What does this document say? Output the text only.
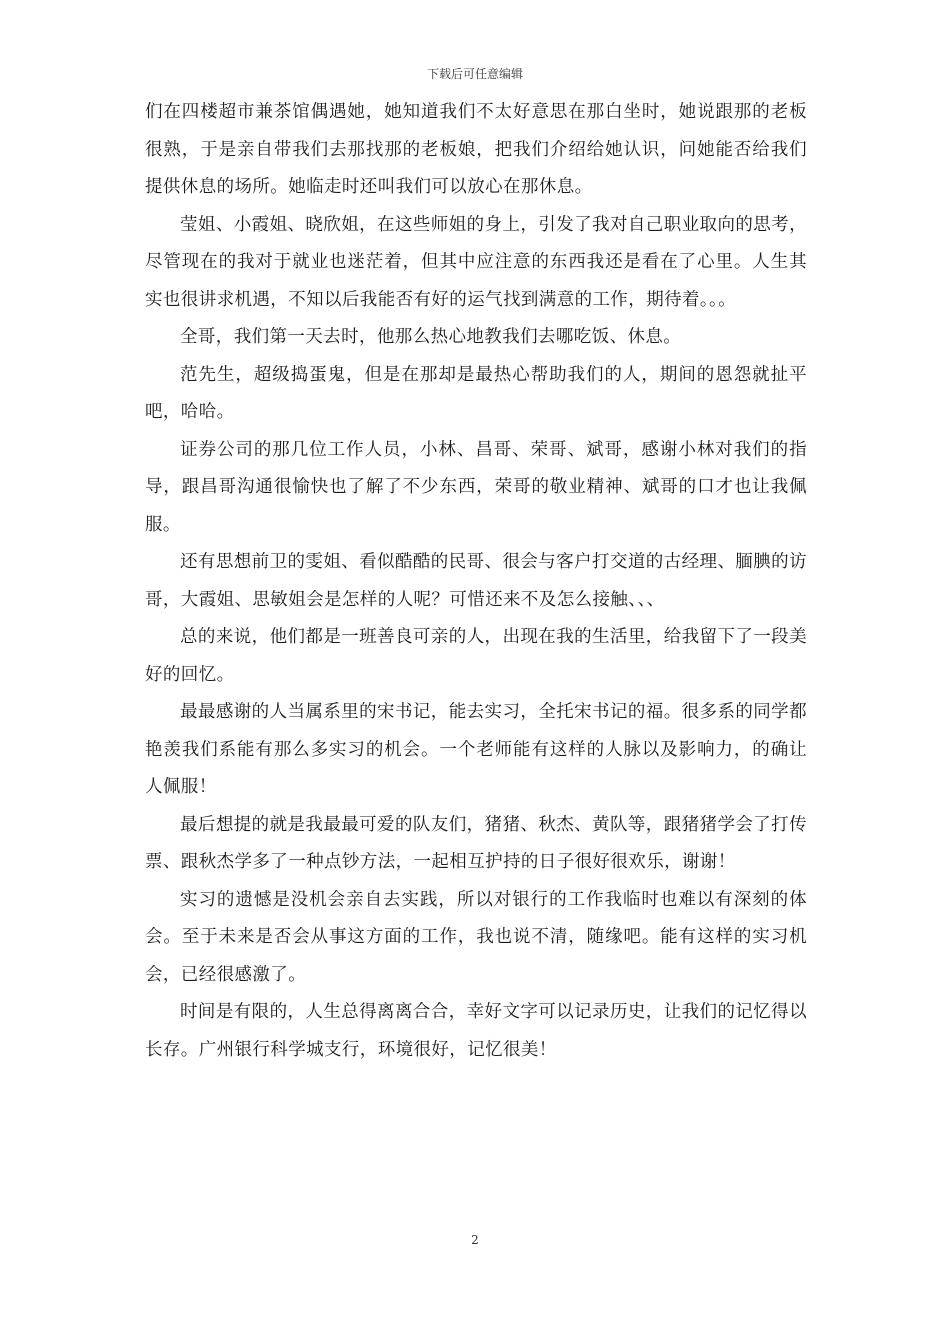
下载后可任意编辑

们在四楼超市兼茶馆偶遇她，她知道我们不太好意思在那白坐时，她说跟那的老板很熟，于是亲自带我们去那找那的老板娘，把我们介绍给她认识，问她能否给我们提供休息的场所。她临走时还叫我们可以放心在那休息。

莹姐、小霞姐、晓欣姐，在这些师姐的身上，引发了我对自己职业取向的思考，尽管现在的我对于就业也迷茫着，但其中应注意的东西我还是看在了心里。人生其实也很讲求机遇，不知以后我能否有好的运气找到满意的工作，期待着。。。

全哥，我们第一天去时，他那么热心地教我们去哪吃饭、休息。

范先生，超级捣蛋鬼，但是在那却是最热心帮助我们的人，期间的恩怨就扯平吧，哈哈。

证券公司的那几位工作人员，小林、昌哥、荣哥、斌哥，感谢小林对我们的指导，跟昌哥沟通很愉快也了解了不少东西，荣哥的敬业精神、斌哥的口才也让我佩服。

还有思想前卫的雯姐、看似酷酷的民哥、很会与客户打交道的古经理、腼腆的访哥，大霞姐、思敏姐会是怎样的人呢？可惜还来不及怎么接触、、、

总的来说，他们都是一班善良可亲的人，出现在我的生活里，给我留下了一段美好的回忆。

最最感谢的人当属系里的宋书记，能去实习，全托宋书记的福。很多系的同学都艳羡我们系能有那么多实习的机会。一个老师能有这样的人脉以及影响力，的确让人佩服！

最后想提的就是我最最可爱的队友们，猪猪、秋杰、黄队等，跟猪猪学会了打传票、跟秋杰学多了一种点钞方法，一起相互护持的日子很好很欢乐，谢谢！

实习的遗憾是没机会亲自去实践，所以对银行的工作我临时也难以有深刻的体会。至于未来是否会从事这方面的工作，我也说不清，随缘吧。能有这样的实习机会，已经很感激了。

时间是有限的，人生总得离离合合，幸好文字可以记录历史，让我们的记忆得以长存。广州银行科学城支行，环境很好，记忆很美！

2
